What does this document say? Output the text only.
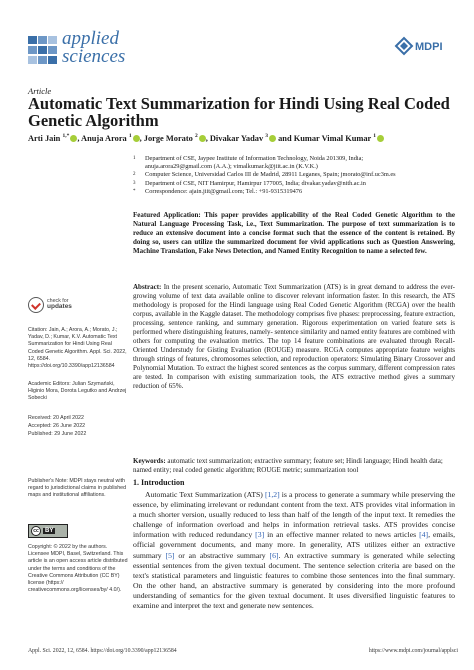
applied
sciences	MDPI
Article
Automatic Text Summarization for Hindi Using Real Coded Genetic Algorithm
Arti Jain $^{1,*}$ , Anuja Arora $^1$ , Jorge Morato $^2$ , Divakar Yadav $^3$ and Kumar Vimal Kumar $^1$
1	Department of CSE, Jaypee Institute of Information Technology, Noida 201309, India;
anuja.arora29@gmail.com (A.A.); vimalkumar.k@jiit.ac.in (K.V.K.)
2	Computer Science, Universidad Carlos III de Madrid, 28911 Leganes, Spain; jmorato@inf.uc3m.es
3	Department of CSE, NIT Hamirpur, Hamirpur 177005, India; divakar.yadav@nith.ac.in
*	Correspondence: ajain.jiit@gmail.com; Tel.: +91-9315319476
Featured Application: This paper provides applicability of the Real Coded Genetic Algorithm to the Natural Language Processing Task, i.e., Text Summarization. The purpose of text summarization is to reduce an extensive document into a concise format such that the essence of the content is retained. By doing so, users can utilize the summarized document for vivid applications such as Question Answering, Machine Translation, Fake News Detection, and Named Entity Recognition to name a selected few.
Abstract: In the present scenario, Automatic Text Summarization (ATS) is in great demand to address the ever-growing volume of text data available online to discover relevant information faster. In this research, the ATS methodology is proposed for the Hindi language using Real Coded Genetic Algorithm (RCGA) over the health corpus, available in the Kaggle dataset. The methodology comprises five phases: preprocessing, feature extraction, processing, sentence ranking, and summary generation. Rigorous experimentation on varied feature sets is performed where distinguishing features, namely- sentence similarity and named entity features are combined with others for computing the evaluation metrics. The top 14 feature combinations are evaluated through Recall-Oriented Understudy for Gisting Evaluation (ROUGE) measure. RCGA computes appropriate feature weights through strings of features, chromosomes selection, and reproduction operators: Simulating Binary Crossover and Polynomial Mutation. To extract the highest scored sentences as the corpus summary, different compression rates are tested. In comparison with existing summarization tools, the ATS extractive method gives a summary reduction of 65%.
Keywords: automatic text summarization; extractive summary; feature set; Hindi language; Hindi health data; named entity; real coded genetic algorithm; ROUGE metric; summarization tool
1. Introduction
Automatic Text Summarization (ATS) [1,2] is a process to generate a summary while preserving the essence, by eliminating irrelevant or redundant content from the text. ATS provides vital information in a much shorter version, usually reduced to less than half of the length of the input text. It remedies the challenge of information overload and helps in information retrieval tasks. ATS provides concise information with reduced redundancy [3] in an effective manner related to news articles [4], emails, official government documents, and many more. In generality, ATS utilizes either an extractive summary [5] or an abstractive summary [6]. An extractive summary is generated while selecting essential sentences from the given textual document. The sentence selection criteria are based on the text's statistical parameters and linguistic features to combine those sentences into the final summary. On the other hand, an abstractive summary is generated by considering into the more profound understanding of semantics for the given textual document. It uses diversified linguistic features to examine and interpret the text and generate new sentences.
check for
updates
Citation: Jain, A.; Arora, A.; Morato, J.; Yadav, D.; Kumar, K.V. Automatic Text Summarization for Hindi Using Real Coded Genetic Algorithm. Appl. Sci. 2022, 12, 6584. https://doi.org/10.3390/app12136584
Academic Editors: Julian Szymański, Higinio Mora, Dorota Legutko and Andrzej Sobecki
Received: 20 April 2022
Accepted: 26 June 2022
Published: 29 June 2022
Publisher's Note: MDPI stays neutral with regard to jurisdictional claims in published maps and institutional affiliations.
cc	BY
Copyright: © 2022 by the authors. Licensee MDPI, Basel, Switzerland. This article is an open access article distributed under the terms and conditions of the Creative Commons Attribution (CC BY) license (https:// creativecommons.org/licenses/by/ 4.0/).
Appl. Sci. 2022, 12, 6584. https://doi.org/10.3390/app12136584	https://www.mdpi.com/journal/applsci
